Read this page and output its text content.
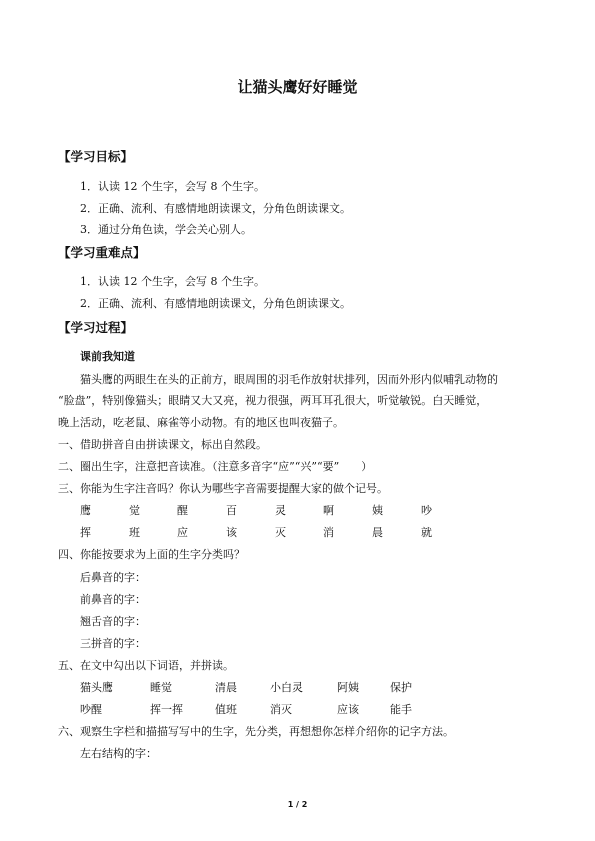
让猫头鹰好好睡觉
【学习目标】

1．认读 12 个生字，会写 8 个生字。

2．正确、流利、有感情地朗读课文，分角色朗读课文。

3．通过分角色读，学会关心别人。

【学习重难点】

1．认读 12 个生字，会写 8 个生字。

2．正确、流利、有感情地朗读课文，分角色朗读课文。

【学习过程】

课前我知道

猫头鹰的两眼生在头的正前方，眼周围的羽毛作放射状排列，因而外形内似哺乳动物的

“脸盘”，特别像猫头；眼睛又大又亮，视力很强，两耳耳孔很大，听觉敏锐。白天睡觉，

晚上活动，吃老鼠、麻雀等小动物。有的地区也叫夜猫子。

一、借助拼音自由拼读课文，标出自然段。

二、圈出生字，注意把音读准。（注意多音字“应”“兴”“要”　　）

三、你能为生字注音吗？你认为哪些字音需要提醒大家的做个记号。

鹰	觉	醒	百	灵	啊	姨	吵
挥	班	应	该	灭	消	晨	就

四、你能按要求为上面的生字分类吗？

后鼻音的字：

前鼻音的字：

翘舌音的字：

三拼音的字：

五、在文中勾出以下词语，并拼读。

猫头鹰	睡觉	清晨	小白灵	阿姨	保护
吵醒	挥一挥	值班	消灭	应该	能手

六、观察生字栏和描描写写中的生字，先分类，再想想你怎样介绍你的记字方法。

左右结构的字：

1 / 2
